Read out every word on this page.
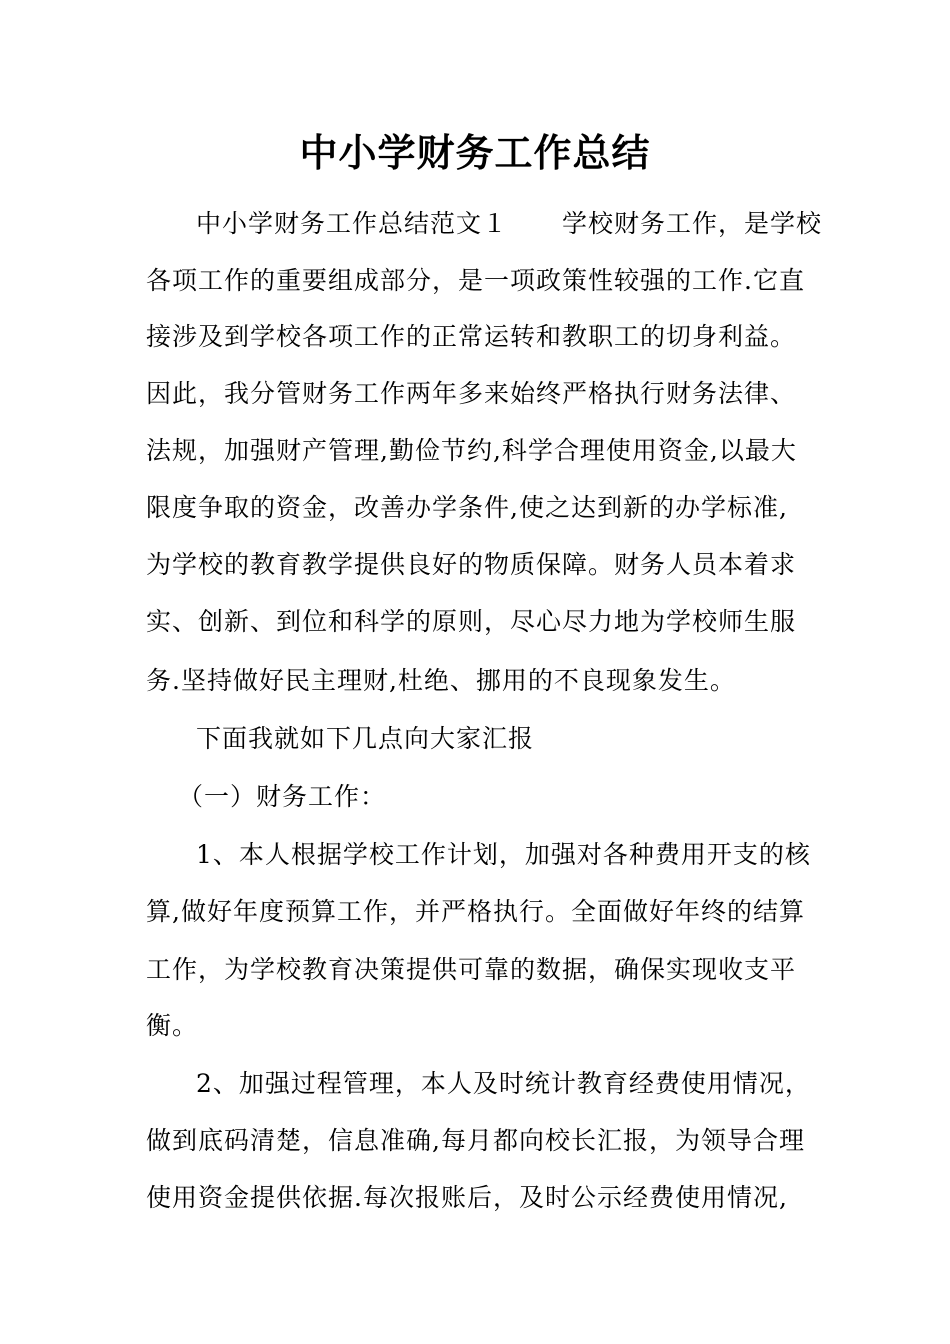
中小学财务工作总结
中小学财务工作总结范文１ 学校财务工作，是学校
各项工作的重要组成部分，是一项政策性较强的工作.它直
接涉及到学校各项工作的正常运转和教职工的切身利益。
因此，我分管财务工作两年多来始终严格执行财务法律、
法规，加强财产管理,勤俭节约,科学合理使用资金,以最大
限度争取的资金，改善办学条件,使之达到新的办学标准,
为学校的教育教学提供良好的物质保障。财务人员本着求
实、创新、到位和科学的原则，尽心尽力地为学校师生服
务.坚持做好民主理财,杜绝、挪用的不良现象发生。
下面我就如下几点向大家汇报
（一）财务工作：
1、本人根据学校工作计划，加强对各种费用开支的核
算,做好年度预算工作，并严格执行。全面做好年终的结算
工作，为学校教育决策提供可靠的数据，确保实现收支平
衡。
2、加强过程管理，本人及时统计教育经费使用情况，
做到底码清楚，信息准确,每月都向校长汇报，为领导合理
使用资金提供依据.每次报账后，及时公示经费使用情况,
